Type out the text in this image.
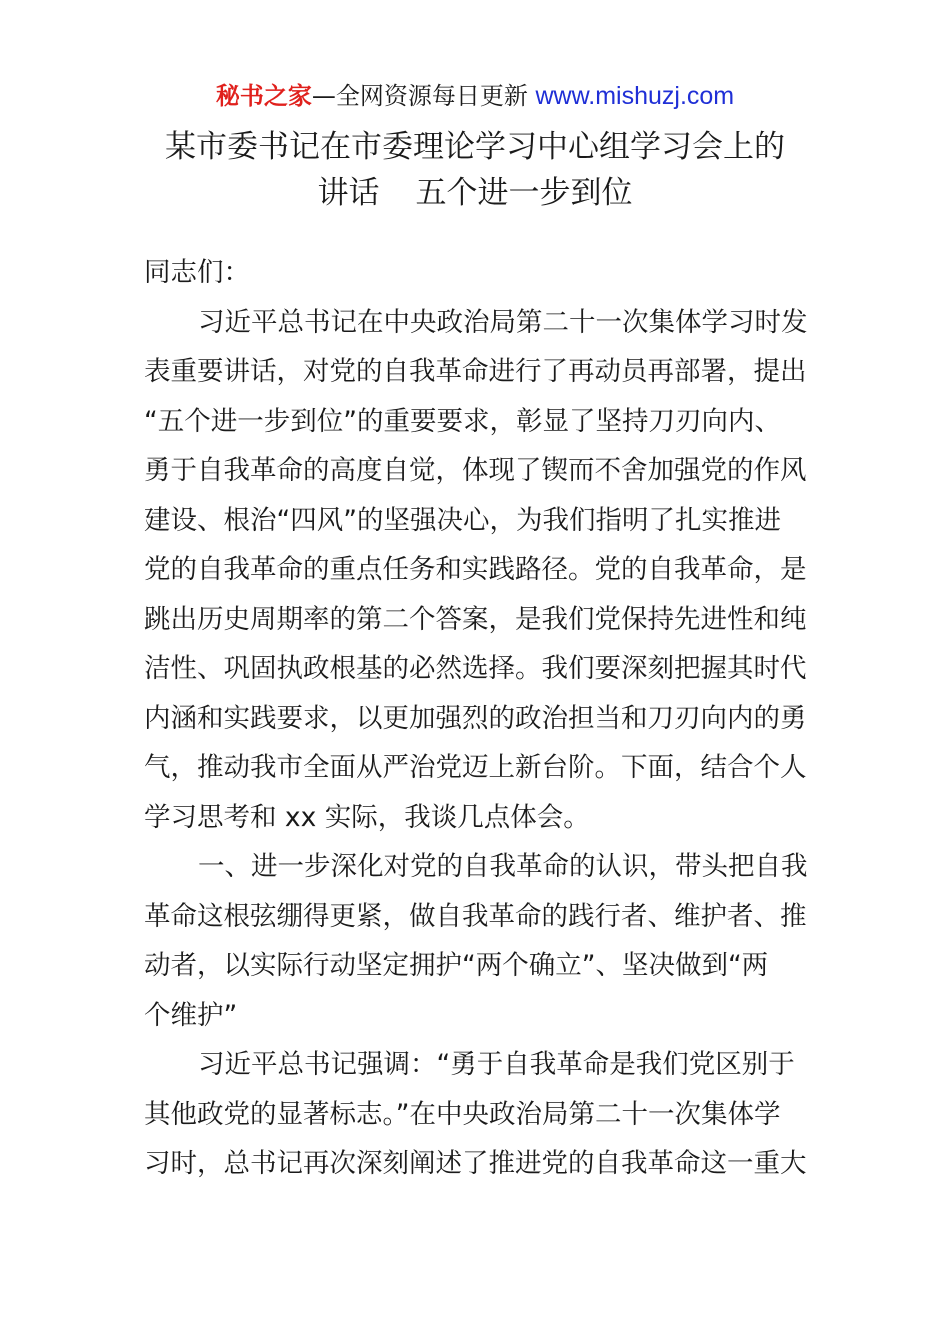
秘书之家—全网资源每日更新 www.mishuzj.com
某市委书记在市委理论学习中心组学习会上的
讲话 五个进一步到位
同志们：
习近平总书记在中央政治局第二十一次集体学习时发
表重要讲话，对党的自我革命进行了再动员再部署，提出
“五个进一步到位”的重要要求，彰显了坚持刀刃向内、
勇于自我革命的高度自觉，体现了锲而不舍加强党的作风
建设、根治“四风”的坚强决心，为我们指明了扎实推进
党的自我革命的重点任务和实践路径。党的自我革命，是
跳出历史周期率的第二个答案，是我们党保持先进性和纯
洁性、巩固执政根基的必然选择。我们要深刻把握其时代
内涵和实践要求，以更加强烈的政治担当和刀刃向内的勇
气，推动我市全面从严治党迈上新台阶。下面，结合个人
学习思考和 xx 实际，我谈几点体会。
一、进一步深化对党的自我革命的认识，带头把自我
革命这根弦绷得更紧，做自我革命的践行者、维护者、推
动者，以实际行动坚定拥护“两个确立”、坚决做到“两
个维护”
习近平总书记强调：“勇于自我革命是我们党区别于
其他政党的显著标志。”在中央政治局第二十一次集体学
习时，总书记再次深刻阐述了推进党的自我革命这一重大
